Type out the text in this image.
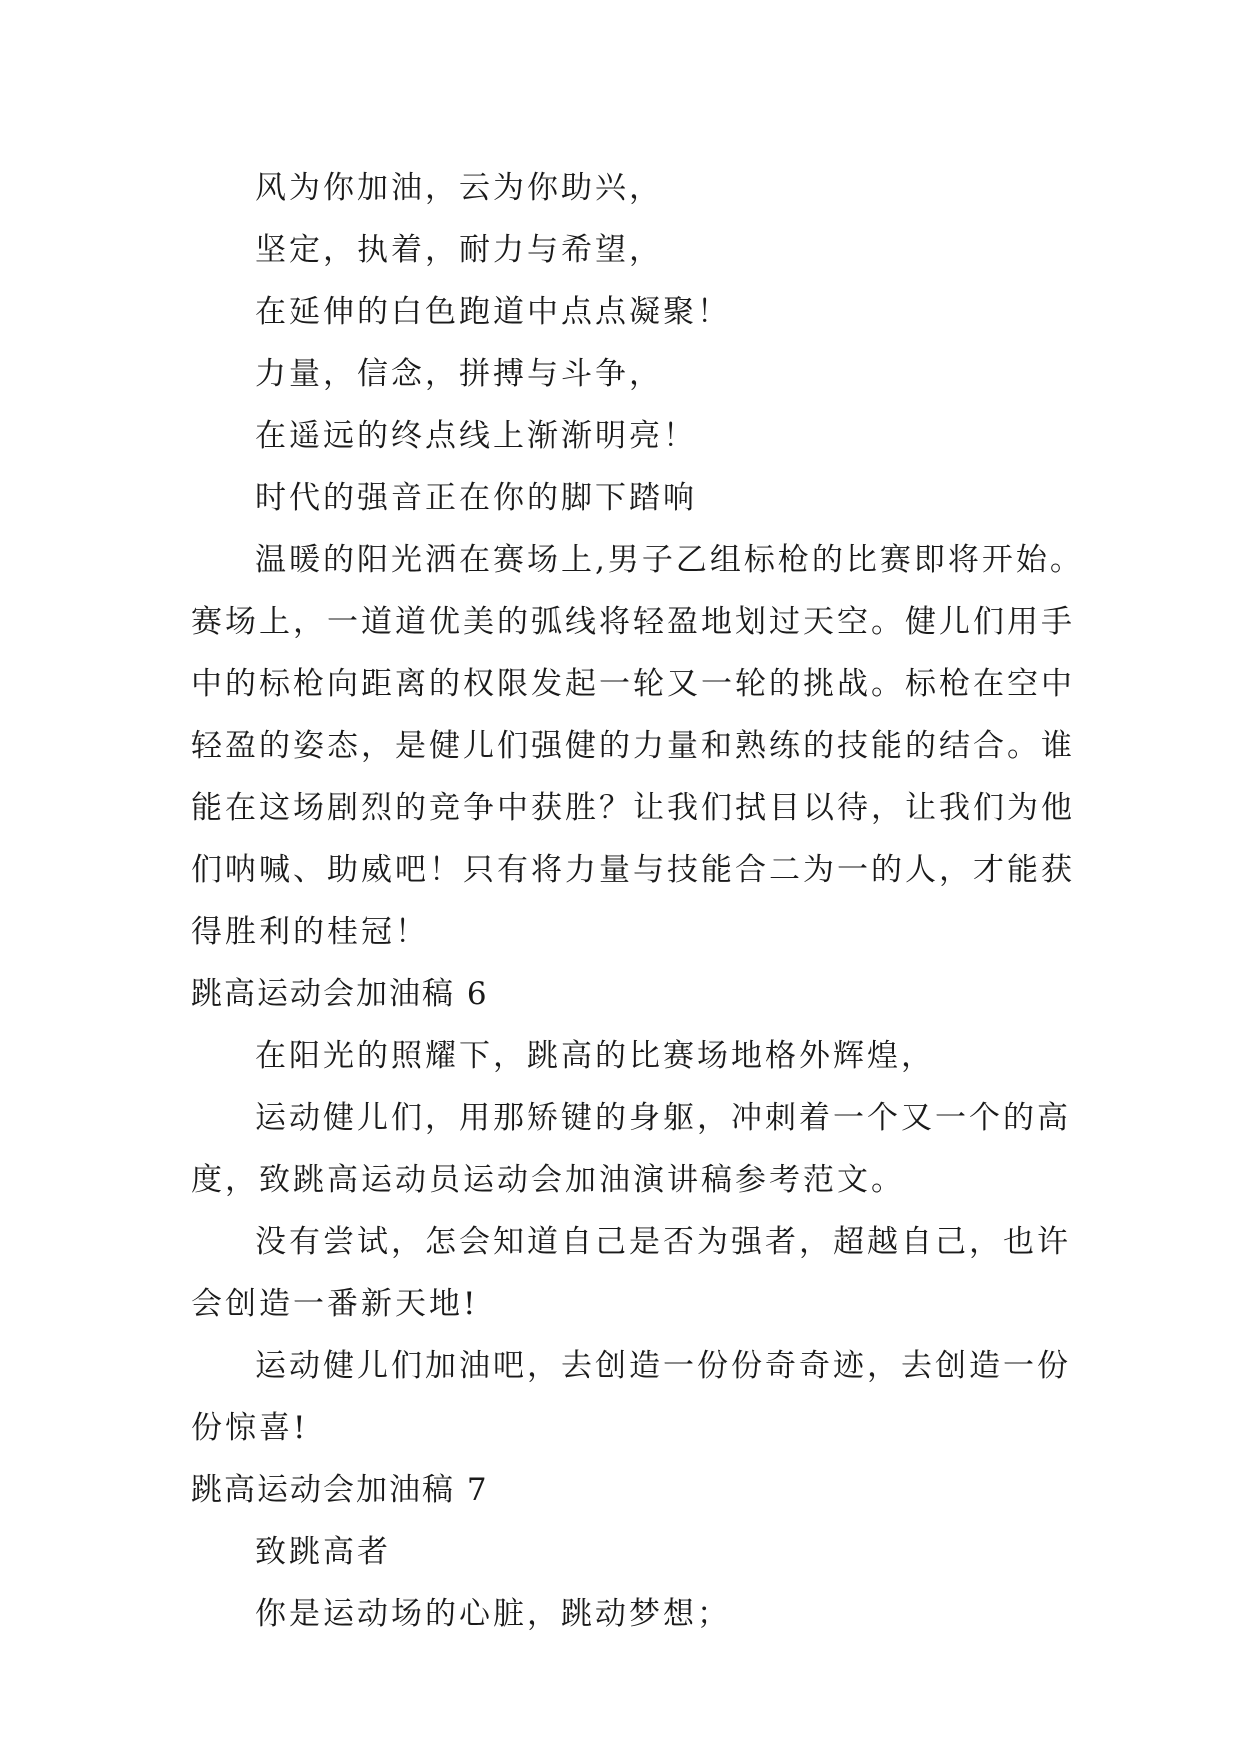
风为你加油，云为你助兴，
坚定，执着，耐力与希望，
在延伸的白色跑道中点点凝聚！
力量，信念，拼搏与斗争，
在遥远的终点线上渐渐明亮！
时代的强音正在你的脚下踏响
温暖的阳光洒在赛场上,男子乙组标枪的比赛即将开始。
赛场上，一道道优美的弧线将轻盈地划过天空。健儿们用手
中的标枪向距离的权限发起一轮又一轮的挑战。标枪在空中
轻盈的姿态，是健儿们强健的力量和熟练的技能的结合。谁
能在这场剧烈的竞争中获胜？让我们拭目以待，让我们为他
们呐喊、助威吧！只有将力量与技能合二为一的人，才能获
得胜利的桂冠！
跳高运动会加油稿 6
在阳光的照耀下，跳高的比赛场地格外辉煌，
运动健儿们，用那矫键的身躯，冲刺着一个又一个的高
度，致跳高运动员运动会加油演讲稿参考范文。
没有尝试，怎会知道自己是否为强者，超越自己，也许
会创造一番新天地!
运动健儿们加油吧，去创造一份份奇奇迹，去创造一份
份惊喜!
跳高运动会加油稿 7
致跳高者
你是运动场的心脏，跳动梦想；
